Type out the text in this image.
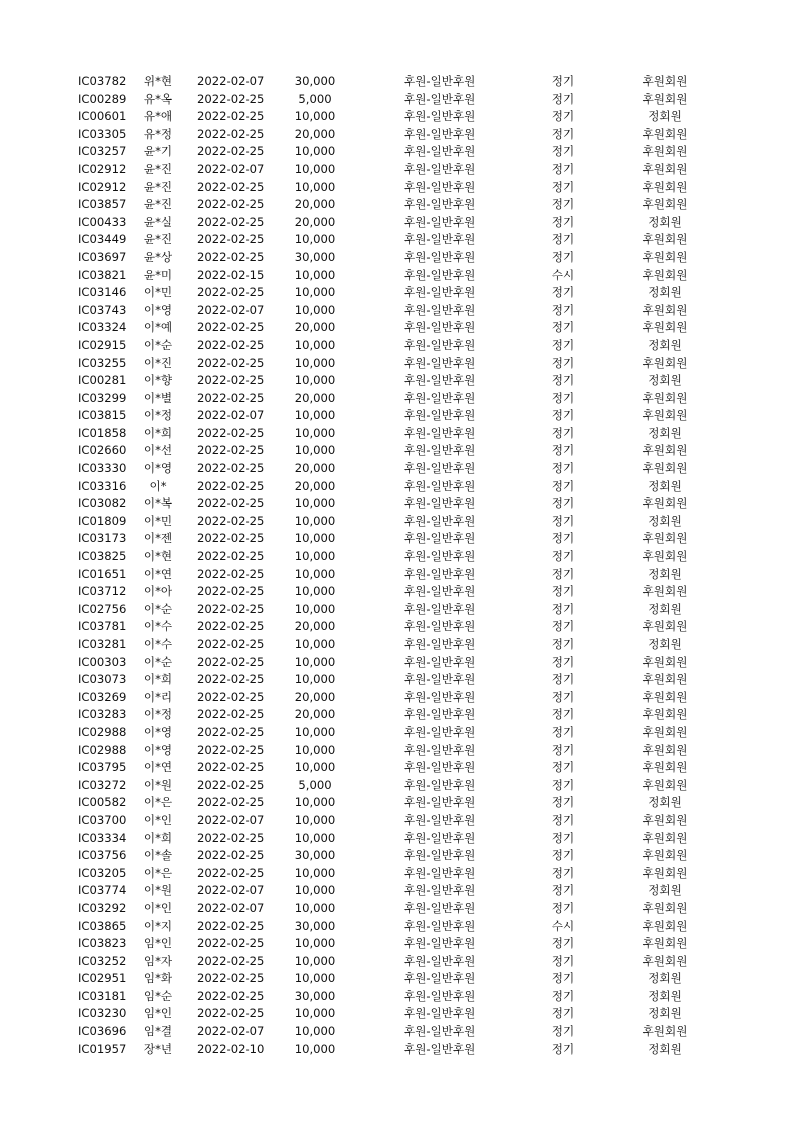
IC03782	위*현	2022-02-07	30,000	후원-일반후원	정기	후원회원
IC00289	유*옥	2022-02-25	5,000	후원-일반후원	정기	후원회원
IC00601	유*애	2022-02-25	10,000	후원-일반후원	정기	정회원
IC03305	유*정	2022-02-25	20,000	후원-일반후원	정기	후원회원
IC03257	윤*기	2022-02-25	10,000	후원-일반후원	정기	후원회원
IC02912	윤*진	2022-02-07	10,000	후원-일반후원	정기	후원회원
IC02912	윤*진	2022-02-25	10,000	후원-일반후원	정기	후원회원
IC03857	윤*진	2022-02-25	20,000	후원-일반후원	정기	후원회원
IC00433	윤*실	2022-02-25	20,000	후원-일반후원	정기	정회원
IC03449	윤*진	2022-02-25	10,000	후원-일반후원	정기	후원회원
IC03697	윤*상	2022-02-25	30,000	후원-일반후원	정기	후원회원
IC03821	윤*미	2022-02-15	10,000	후원-일반후원	수시	후원회원
IC03146	이*민	2022-02-25	10,000	후원-일반후원	정기	정회원
IC03743	이*영	2022-02-07	10,000	후원-일반후원	정기	후원회원
IC03324	이*예	2022-02-25	20,000	후원-일반후원	정기	후원회원
IC02915	이*순	2022-02-25	10,000	후원-일반후원	정기	정회원
IC03255	이*진	2022-02-25	10,000	후원-일반후원	정기	후원회원
IC00281	이*향	2022-02-25	10,000	후원-일반후원	정기	정회원
IC03299	이*별	2022-02-25	20,000	후원-일반후원	정기	후원회원
IC03815	이*정	2022-02-07	10,000	후원-일반후원	정기	후원회원
IC01858	이*희	2022-02-25	10,000	후원-일반후원	정기	정회원
IC02660	이*선	2022-02-25	10,000	후원-일반후원	정기	후원회원
IC03330	이*영	2022-02-25	20,000	후원-일반후원	정기	후원회원
IC03316	이*	2022-02-25	20,000	후원-일반후원	정기	정회원
IC03082	이*복	2022-02-25	10,000	후원-일반후원	정기	후원회원
IC01809	이*민	2022-02-25	10,000	후원-일반후원	정기	정회원
IC03173	이*젠	2022-02-25	10,000	후원-일반후원	정기	후원회원
IC03825	이*현	2022-02-25	10,000	후원-일반후원	정기	후원회원
IC01651	이*연	2022-02-25	10,000	후원-일반후원	정기	정회원
IC03712	이*아	2022-02-25	10,000	후원-일반후원	정기	후원회원
IC02756	이*순	2022-02-25	10,000	후원-일반후원	정기	정회원
IC03781	이*수	2022-02-25	20,000	후원-일반후원	정기	후원회원
IC03281	이*수	2022-02-25	10,000	후원-일반후원	정기	정회원
IC00303	이*순	2022-02-25	10,000	후원-일반후원	정기	후원회원
IC03073	이*희	2022-02-25	10,000	후원-일반후원	정기	후원회원
IC03269	이*리	2022-02-25	20,000	후원-일반후원	정기	후원회원
IC03283	이*정	2022-02-25	20,000	후원-일반후원	정기	후원회원
IC02988	이*영	2022-02-25	10,000	후원-일반후원	정기	후원회원
IC02988	이*영	2022-02-25	10,000	후원-일반후원	정기	후원회원
IC03795	이*연	2022-02-25	10,000	후원-일반후원	정기	후원회원
IC03272	이*원	2022-02-25	5,000	후원-일반후원	정기	후원회원
IC00582	이*은	2022-02-25	10,000	후원-일반후원	정기	정회원
IC03700	이*인	2022-02-07	10,000	후원-일반후원	정기	후원회원
IC03334	이*희	2022-02-25	10,000	후원-일반후원	정기	후원회원
IC03756	이*솔	2022-02-25	30,000	후원-일반후원	정기	후원회원
IC03205	이*은	2022-02-25	10,000	후원-일반후원	정기	후원회원
IC03774	이*원	2022-02-07	10,000	후원-일반후원	정기	정회원
IC03292	이*인	2022-02-07	10,000	후원-일반후원	정기	후원회원
IC03865	이*지	2022-02-25	30,000	후원-일반후원	수시	후원회원
IC03823	임*인	2022-02-25	10,000	후원-일반후원	정기	후원회원
IC03252	임*자	2022-02-25	10,000	후원-일반후원	정기	후원회원
IC02951	임*화	2022-02-25	10,000	후원-일반후원	정기	정회원
IC03181	임*순	2022-02-25	30,000	후원-일반후원	정기	정회원
IC03230	임*인	2022-02-25	10,000	후원-일반후원	정기	정회원
IC03696	임*결	2022-02-07	10,000	후원-일반후원	정기	후원회원
IC01957	장*년	2022-02-10	10,000	후원-일반후원	정기	정회원
